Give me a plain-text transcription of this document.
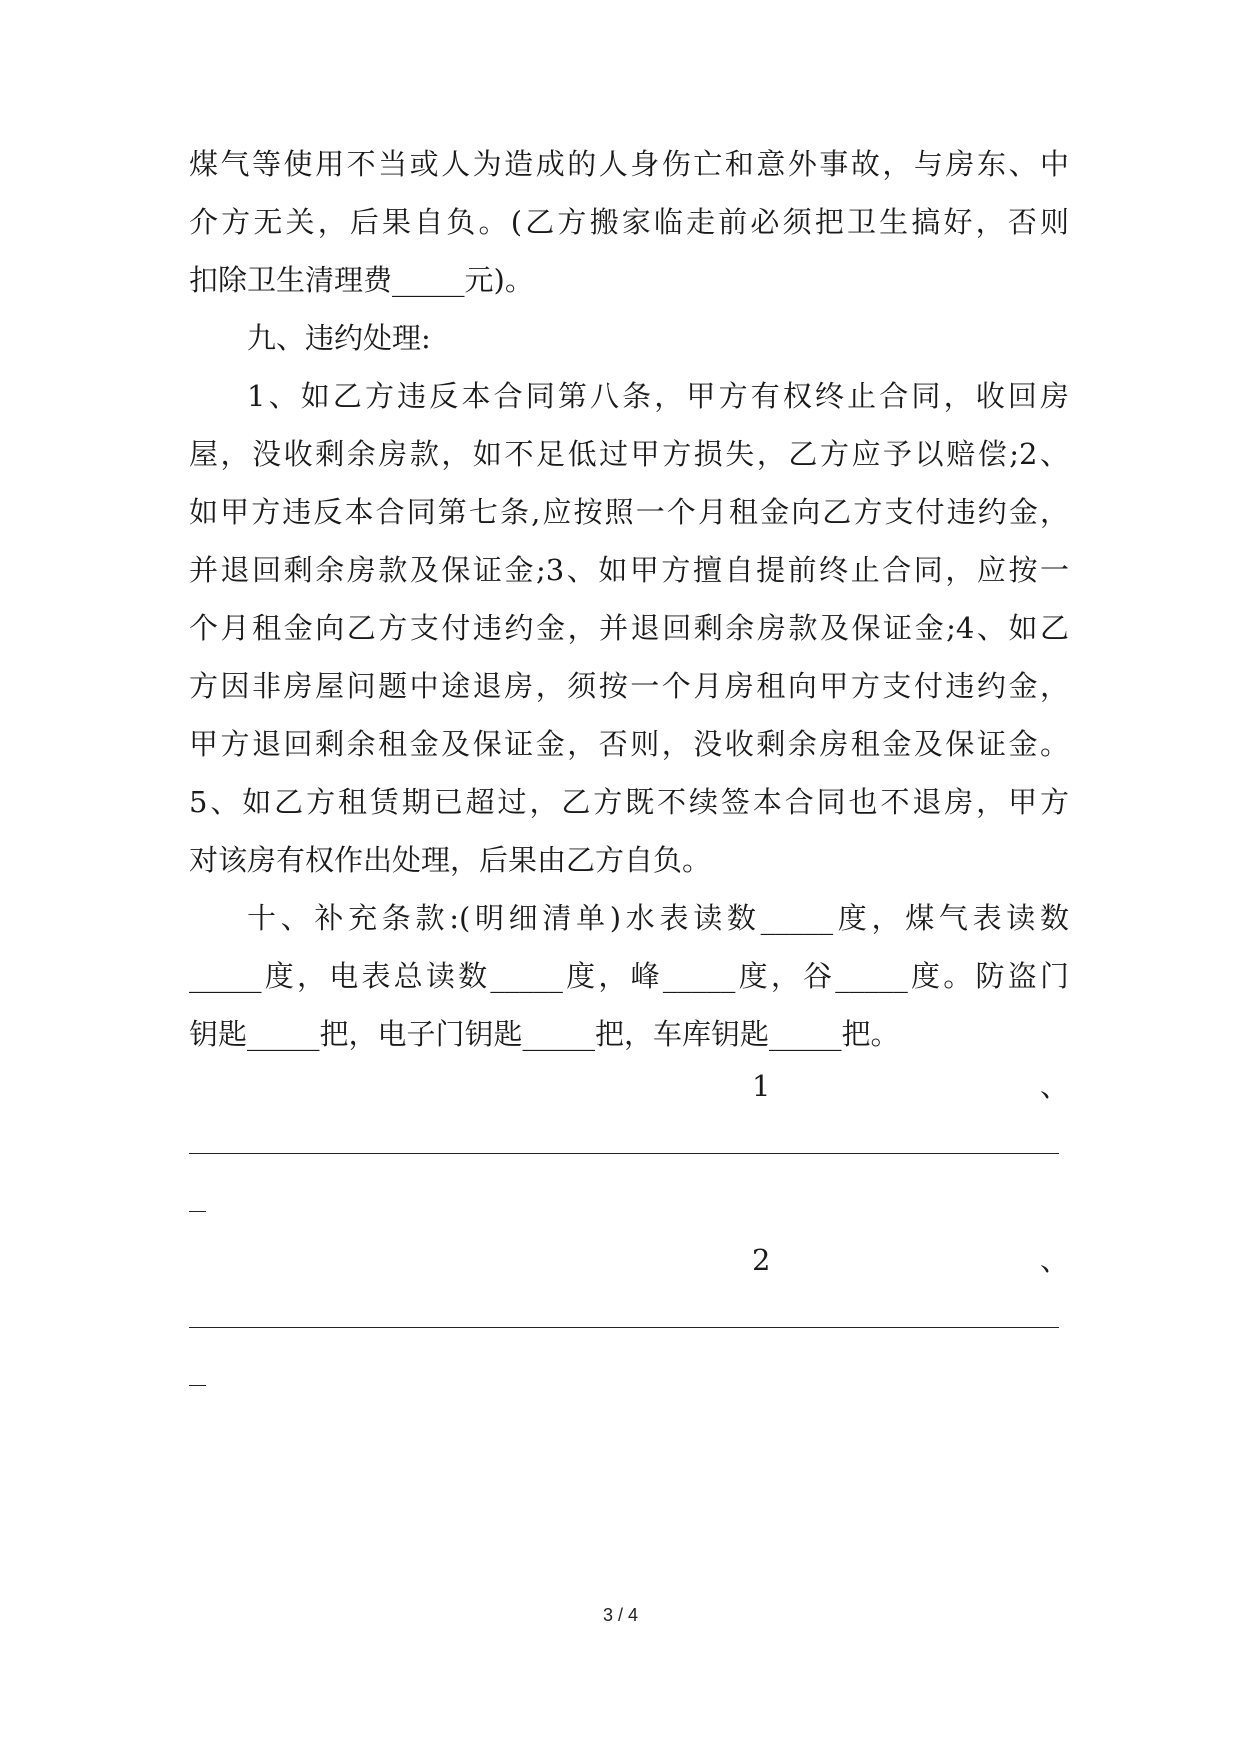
煤气等使用不当或人为造成的人身伤亡和意外事故，与房东、中
介方无关，后果自负。(乙方搬家临走前必须把卫生搞好，否则
扣除卫生清理费_____元)。
九、违约处理:
1、如乙方违反本合同第八条，甲方有权终止合同，收回房
屋，没收剩余房款，如不足低过甲方损失，乙方应予以赔偿;2、
如甲方违反本合同第七条,应按照一个月租金向乙方支付违约金，
并退回剩余房款及保证金;3、如甲方擅自提前终止合同，应按一
个月租金向乙方支付违约金，并退回剩余房款及保证金;4、如乙
方因非房屋问题中途退房，须按一个月房租向甲方支付违约金，
甲方退回剩余租金及保证金，否则，没收剩余房租金及保证金。
5、如乙方租赁期已超过，乙方既不续签本合同也不退房，甲方
对该房有权作出处理，后果由乙方自负。
十、补充条款:(明细清单)水表读数_____度，煤气表读数
_____度，电表总读数_____度，峰_____度，谷_____度。防盗门
钥匙_____把，电子门钥匙_____把，车库钥匙_____把。
1	、
2	、
3 / 4
